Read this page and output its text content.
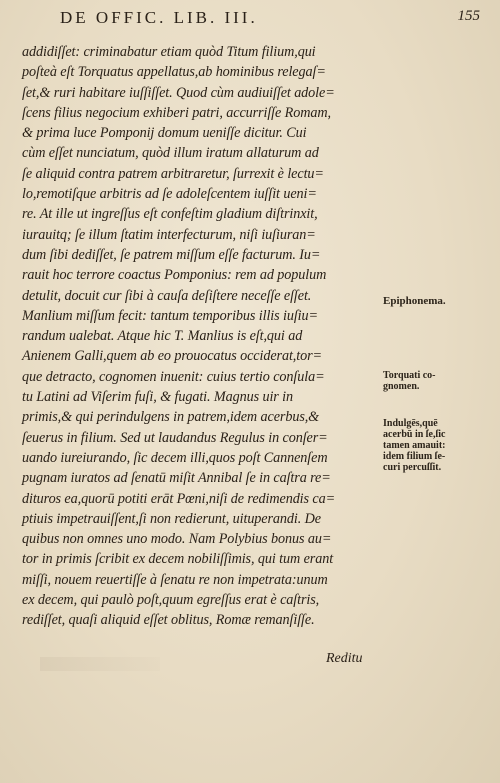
DE OFFIC. LIB. III.	155
addidiſſet: criminabatur etiam quòd Titum filium,qui
poſteà eſt Torquatus appellatus,ab hominibus relegaſ=
ſet,& ruri habitare iuſſiſſet. Quod cùm audiuiſſet adole=
ſcens filius negocium exhiberi patri, accurriſſe Romam,
& prima luce Pomponij domum ueniſſe dicitur. Cui
cùm eſſet nunciatum, quòd illum iratum allaturum ad
ſe aliquid contra patrem arbitraretur, ſurrexit è lectu=
lo,remotiſque arbitris ad ſe adoleſcentem iuſſit ueni=
re. At ille ut ingreſſus eſt confeſtim gladium diſtrinxit,
iurauitq; ſe illum ſtatim interfecturum, niſi iuſiuran=
dum ſibi dediſſet, ſe patrem miſſum eſſe facturum. Iu=
rauit hoc terrore coactus Pomponius: rem ad populum
detulit, docuit cur ſibi à cauſa deſiſtere neceſſe eſſet.
Manlium miſſum fecit: tantum temporibus illis iuſiu=
randum ualebat. Atque hic T. Manlius is eſt,qui ad
Anienem Galli,quem ab eo prouocatus occiderat,tor=
que detracto, cognomen inuenit: cuius tertio conſula=
tu Latini ad Viſerim fuſi, & fugati. Magnus uir in
primis,& qui perindulgens in patrem,idem acerbus,&
ſeuerus in filium. Sed ut laudandus Regulus in conſer=
uando iureiurando, ſic decem illi,quos poſt Cannenſem
pugnam iuratos ad ſenatū miſit Annibal ſe in caſtra re=
dituros ea,quorū potiti erāt Pœni,niſi de redimendis ca=
ptiuis impetrauiſſent,ſi non redierunt, uituperandi. De
quibus non omnes uno modo. Nam Polybius bonus au=
tor in primis ſcribit ex decem nobiliſſimis, qui tum erant
miſſi, nouem reuertiſſe à ſenatu re non impetrata:unum
ex decem, qui paulò poſt,quum egreſſus erat è caſtris,
rediſſet, quaſi aliquid eſſet oblitus, Romæ remanſiſſe.
Reditu
Epiphonema.
Torquati co-
gnomen.
Indulgēs,quē
acerbū in ſe,ſic
tamen amauit:
idem filium ſe-
curi percuſſit.
